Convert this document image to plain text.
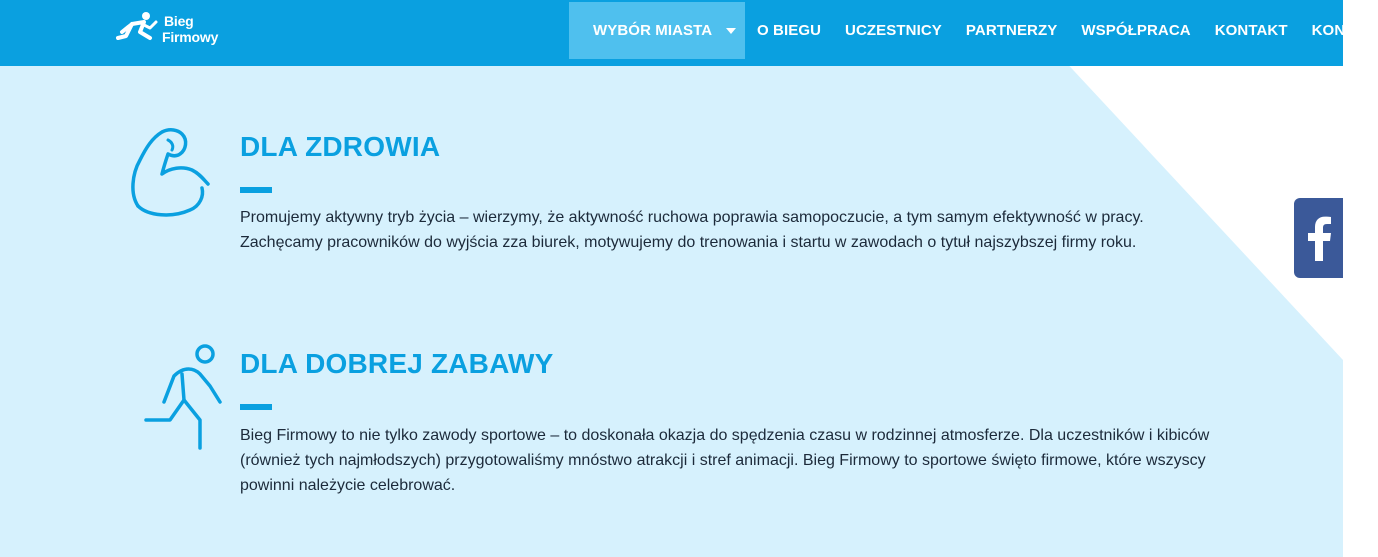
Bieg
Firmowy	WYBÓR MIASTA	O BIEGU UCZESTNICY PARTNERZY WSPÓŁPRACA KONTAKT KONTO
DLA ZDROWIA
Promujemy aktywny tryb życia – wierzymy, że aktywność ruchowa poprawia samopoczucie, a tym samym efektywność w pracy. Zachęcamy pracowników do wyjścia zza biurek, motywujemy do trenowania i startu w zawodach o tytuł najszybszej firmy roku.
DLA DOBREJ ZABAWY
Bieg Firmowy to nie tylko zawody sportowe – to doskonała okazja do spędzenia czasu w rodzinnej atmosferze. Dla uczestników i kibiców (również tych najmłodszych) przygotowaliśmy mnóstwo atrakcji i stref animacji. Bieg Firmowy to sportowe święto firmowe, które wszyscy powinni należycie celebrować.
